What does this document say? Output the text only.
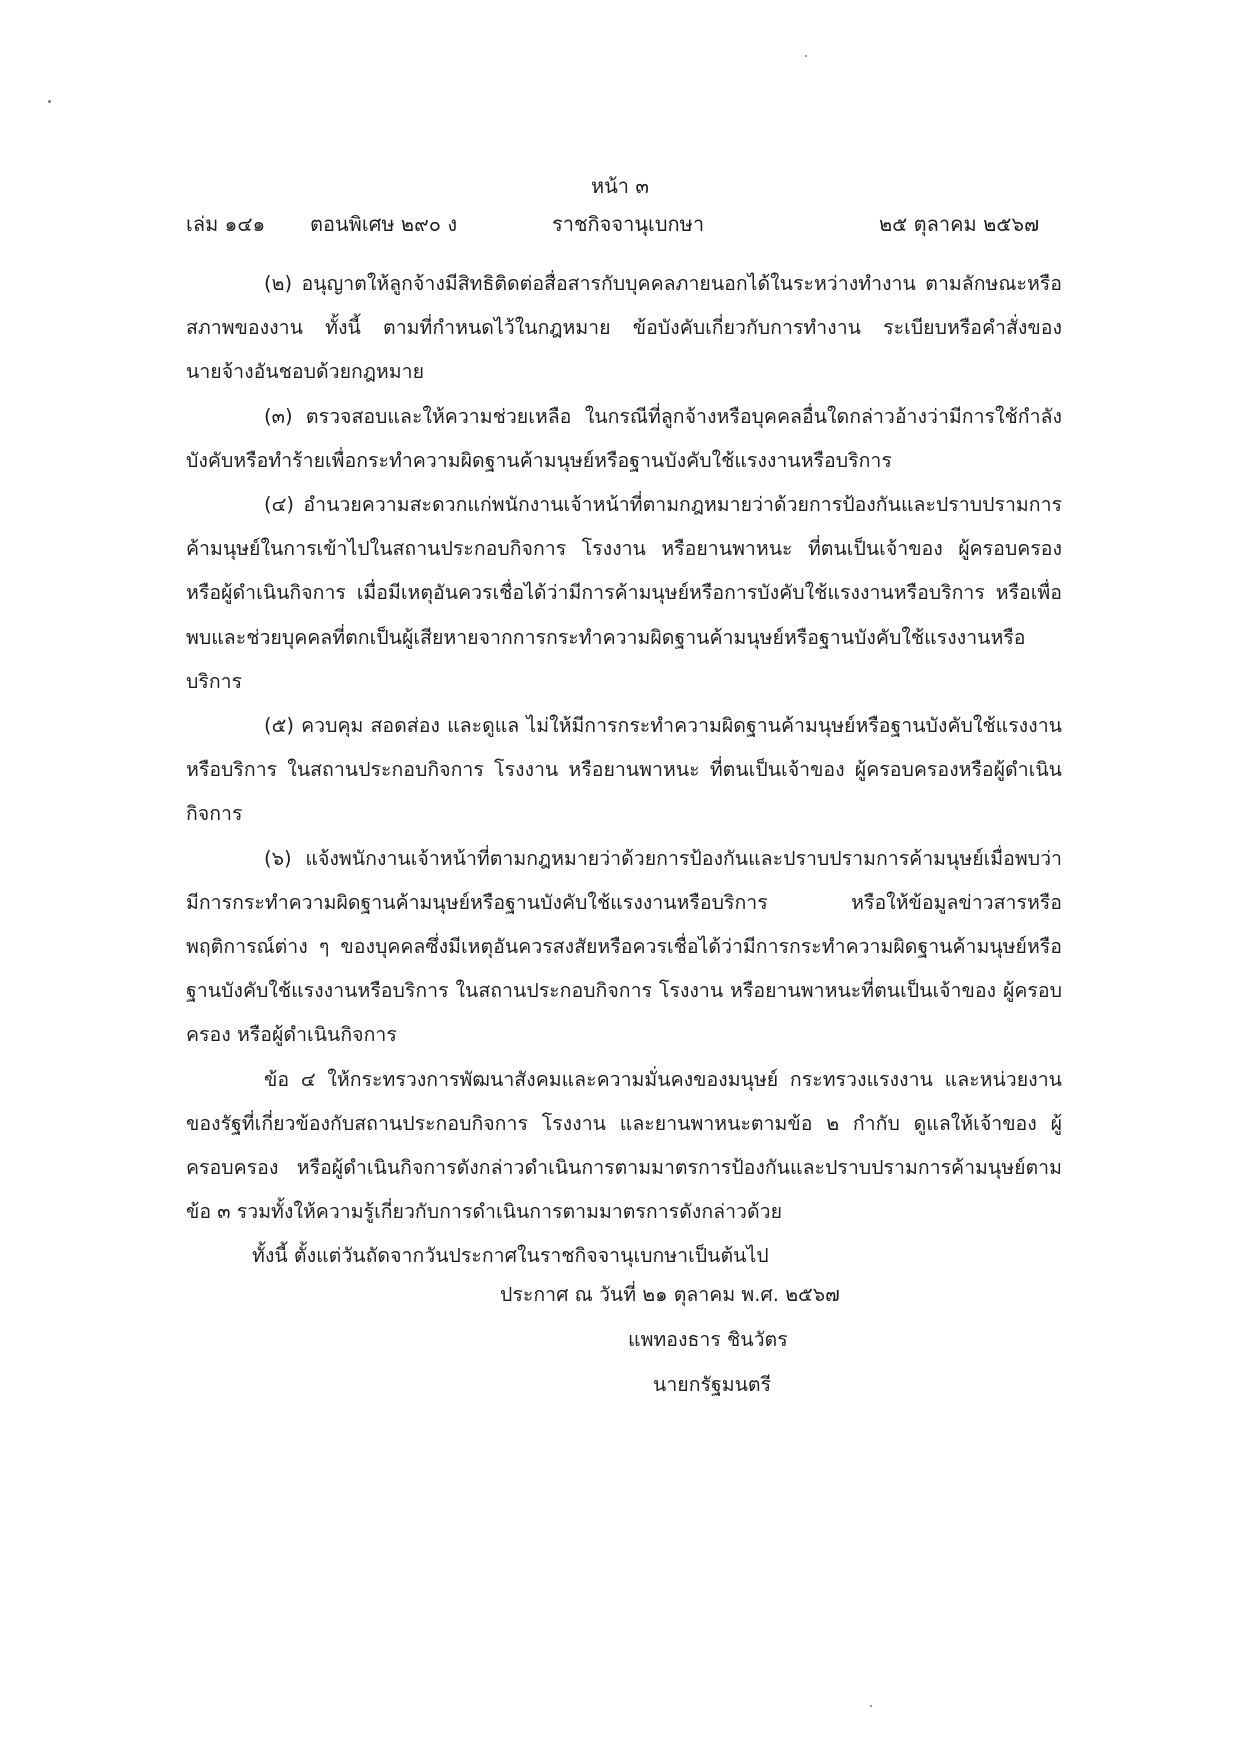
หน้า ๓
เล่ม ๑๔๑ ตอนพิเศษ ๒๙๐ ง	ราชกิจจานุเบกษา	๒๕ ตุลาคม ๒๕๖๗

(๒) อนุญาตให้ลูกจ้างมีสิทธิติดต่อสื่อสารกับบุคคลภายนอกได้ในระหว่างทำงาน ตามลักษณะหรือสภาพของงาน ทั้งนี้ ตามที่กำหนดไว้ในกฎหมาย ข้อบังคับเกี่ยวกับการทำงาน ระเบียบหรือคำสั่งของนายจ้างอันชอบด้วยกฎหมาย

(๓) ตรวจสอบและให้ความช่วยเหลือ ในกรณีที่ลูกจ้างหรือบุคคลอื่นใดกล่าวอ้างว่ามีการใช้กำลังบังคับหรือทำร้ายเพื่อกระทำความผิดฐานค้ามนุษย์หรือฐานบังคับใช้แรงงานหรือบริการ

(๔) อำนวยความสะดวกแก่พนักงานเจ้าหน้าที่ตามกฎหมายว่าด้วยการป้องกันและปราบปรามการค้ามนุษย์ในการเข้าไปในสถานประกอบกิจการ โรงงาน หรือยานพาหนะ ที่ตนเป็นเจ้าของ ผู้ครอบครอง หรือผู้ดำเนินกิจการ เมื่อมีเหตุอันควรเชื่อได้ว่ามีการค้ามนุษย์หรือการบังคับใช้แรงงานหรือบริการ หรือเพื่อพบและช่วยบุคคลที่ตกเป็นผู้เสียหายจากการกระทำความผิดฐานค้ามนุษย์หรือฐานบังคับใช้แรงงานหรือบริการ

(๕) ควบคุม สอดส่อง และดูแล ไม่ให้มีการกระทำความผิดฐานค้ามนุษย์หรือฐานบังคับใช้แรงงานหรือบริการ ในสถานประกอบกิจการ โรงงาน หรือยานพาหนะ ที่ตนเป็นเจ้าของ ผู้ครอบครองหรือผู้ดำเนินกิจการ

(๖) แจ้งพนักงานเจ้าหน้าที่ตามกฎหมายว่าด้วยการป้องกันและปราบปรามการค้ามนุษย์เมื่อพบว่ามีการกระทำความผิดฐานค้ามนุษย์หรือฐานบังคับใช้แรงงานหรือบริการ หรือให้ข้อมูลข่าวสารหรือพฤติการณ์ต่าง ๆ ของบุคคลซึ่งมีเหตุอันควรสงสัยหรือควรเชื่อได้ว่ามีการกระทำความผิดฐานค้ามนุษย์หรือฐานบังคับใช้แรงงานหรือบริการ ในสถานประกอบกิจการ โรงงาน หรือยานพาหนะที่ตนเป็นเจ้าของ ผู้ครอบครอง หรือผู้ดำเนินกิจการ

ข้อ ๔ ให้กระทรวงการพัฒนาสังคมและความมั่นคงของมนุษย์ กระทรวงแรงงาน และหน่วยงานของรัฐที่เกี่ยวข้องกับสถานประกอบกิจการ โรงงาน และยานพาหนะตามข้อ ๒ กำกับ ดูแลให้เจ้าของ ผู้ครอบครอง หรือผู้ดำเนินกิจการดังกล่าวดำเนินการตามมาตรการป้องกันและปราบปรามการค้ามนุษย์ตามข้อ ๓ รวมทั้งให้ความรู้เกี่ยวกับการดำเนินการตามมาตรการดังกล่าวด้วย

ทั้งนี้ ตั้งแต่วันถัดจากวันประกาศในราชกิจจานุเบกษาเป็นต้นไป

ประกาศ ณ วันที่ ๒๑ ตุลาคม พ.ศ. ๒๕๖๗
แพทองธาร ชินวัตร
นายกรัฐมนตรี
